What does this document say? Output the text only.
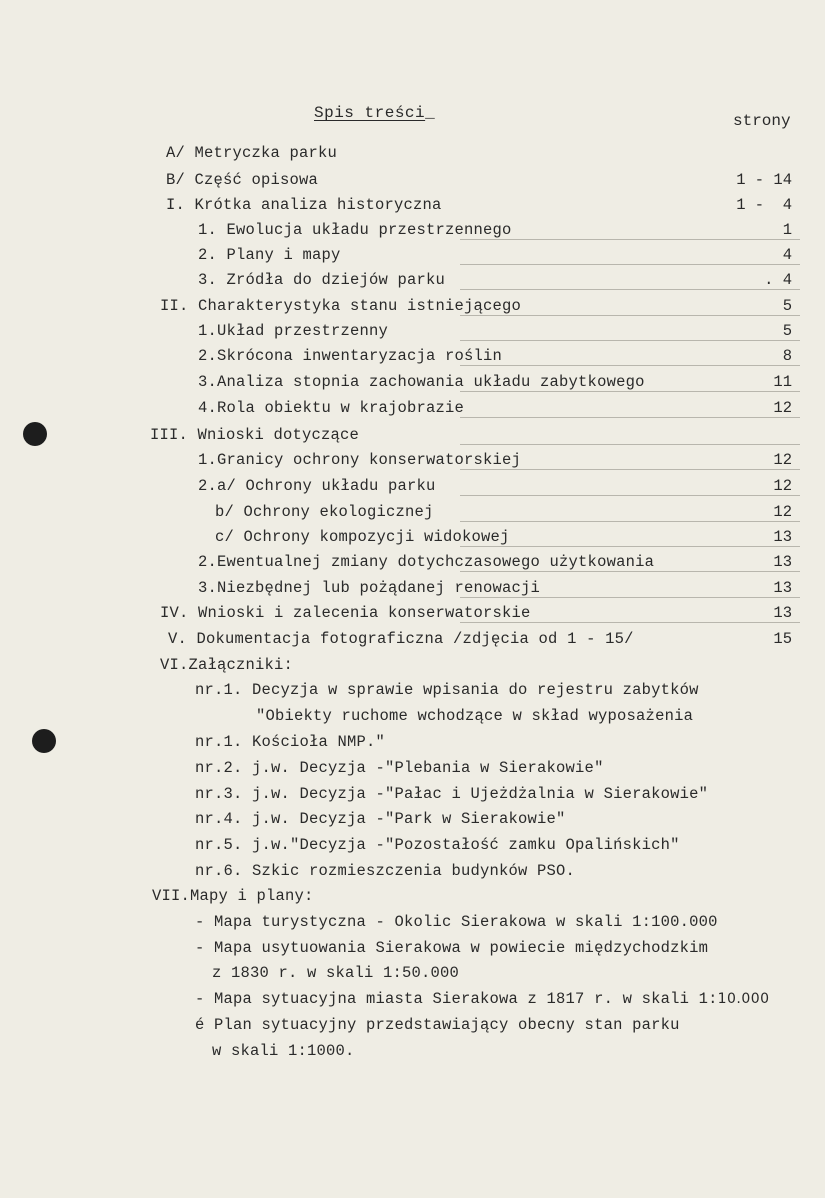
Spis treści_	strony
A/ Metryczka parku
B/ Część opisowa	1 - 14
I. Krótka analiza historyczna	1 -  4
1. Ewolucja układu przestrzennego	1
2. Plany i mapy	4
3. Zródła do dziejów parku	. 4
II. Charakterystyka stanu istniejącego	5
1.Układ przestrzenny	5
2.Skrócona inwentaryzacja roślin	8
3.Analiza stopnia zachowania układu zabytkowego	11
4.Rola obiektu w krajobrazie	12
III. Wnioski dotyczące
1.Granicy ochrony konserwatorskiej	12
2.a/ Ochrony układu parku	12
b/ Ochrony ekologicznej	12
c/ Ochrony kompozycji widokowej	13
2.Ewentualnej zmiany dotychczasowego użytkowania	13
3.Niezbędnej lub pożądanej renowacji	13
IV. Wnioski i zalecenia konserwatorskie	13
V. Dokumentacja fotograficzna /zdjęcia od 1 - 15/	15
VI.Załączniki:
nr.1. Decyzja w sprawie wpisania do rejestru zabytków
"Obiekty ruchome wchodzące w skład wyposażenia
nr.1. Kościoła NMP."
nr.2. j.w. Decyzja -"Plebania w Sierakowie"
nr.3. j.w. Decyzja -"Pałac i Ujeżdżalnia w Sierakowie"
nr.4. j.w. Decyzja -"Park w Sierakowie"
nr.5. j.w."Decyzja -"Pozostałość zamku Opalińskich"
nr.6. Szkic rozmieszczenia budynków PSO.
VII.Mapy i plany:
- Mapa turystyczna - Okolic Sierakowa w skali 1:100.000
- Mapa usytuowania Sierakowa w powiecie międzychodzkim
z 1830 r. w skali 1:50.000
- Mapa sytuacyjna miasta Sierakowa z 1817 r. w skali 1:10.000
é Plan sytuacyjny przedstawiający obecny stan parku
w skali 1:1000.
